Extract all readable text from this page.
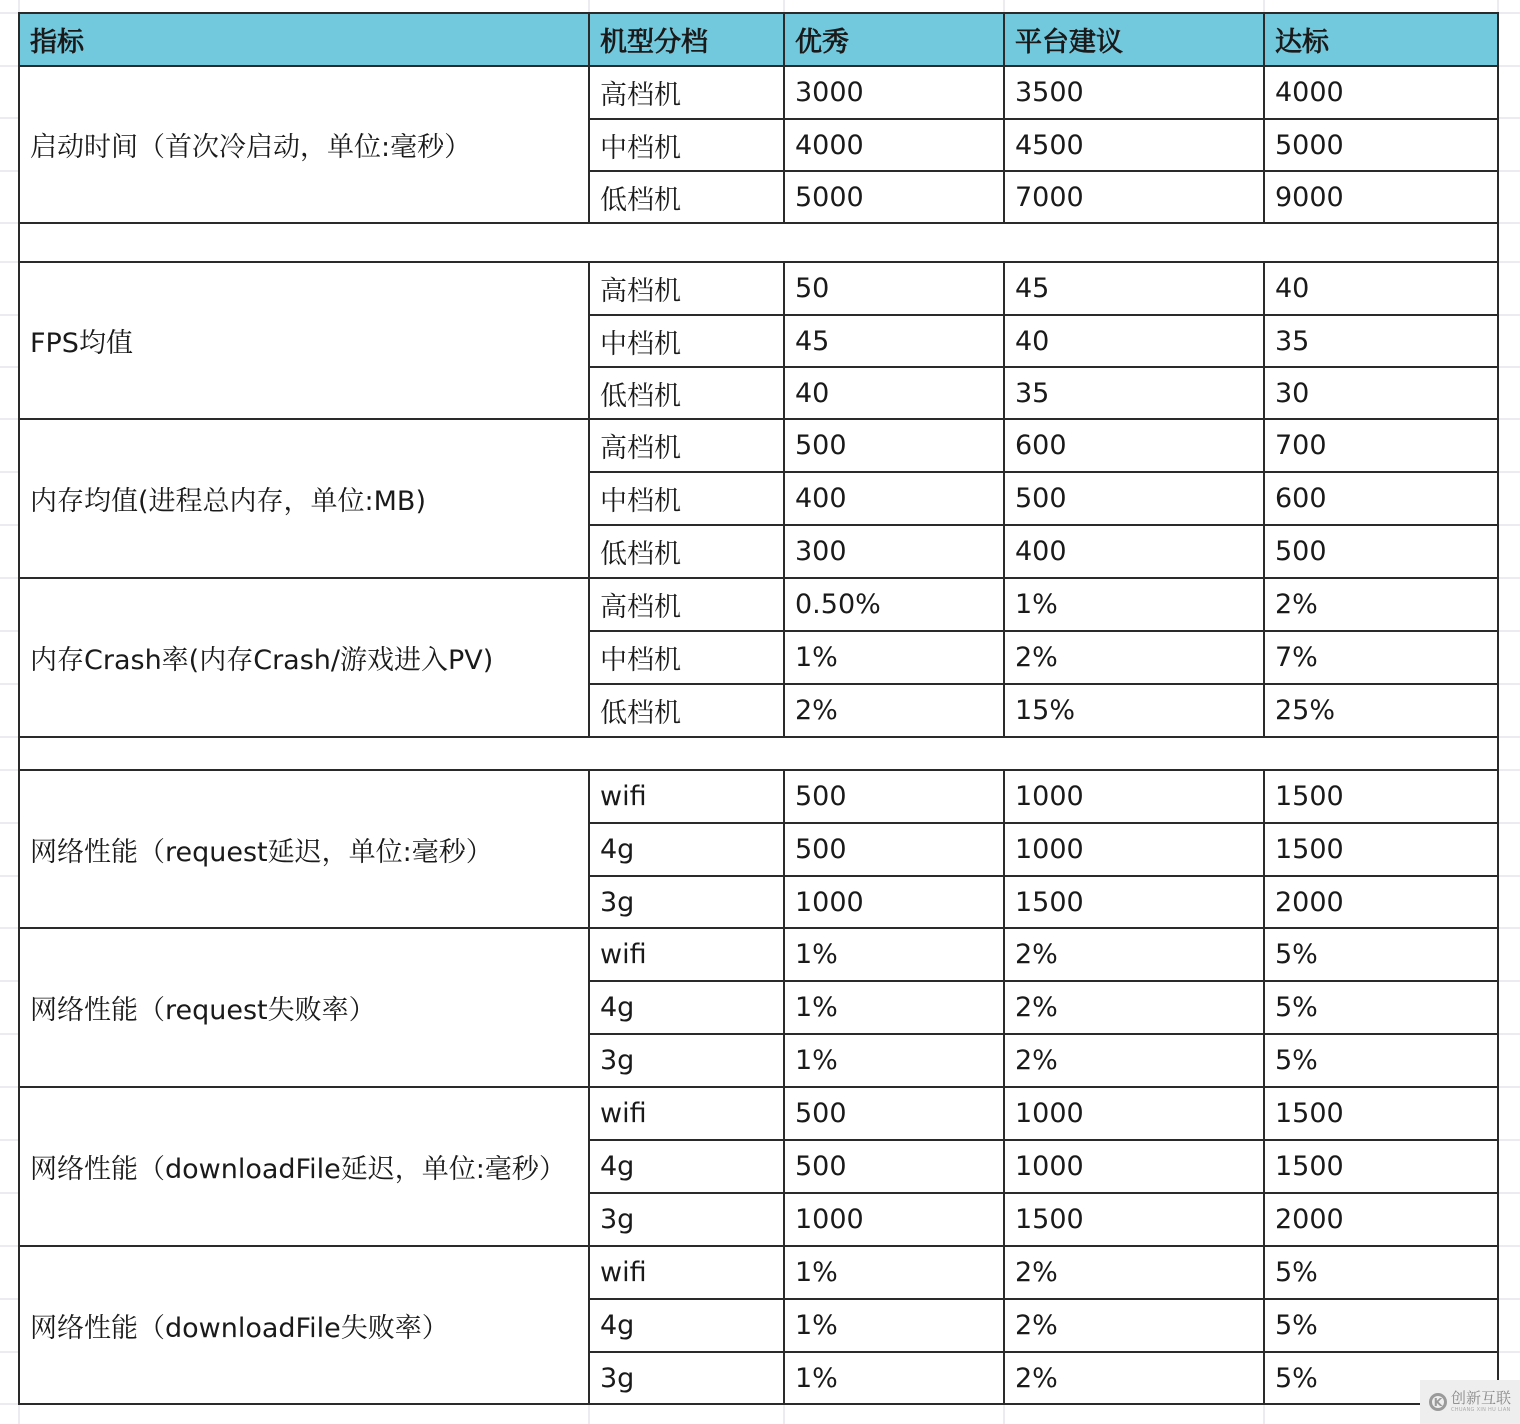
指标	机型分档	优秀	平台建议	达标
启动时间（首次冷启动，单位:毫秒）
高档机	3000	3500	4000
中档机	4000	4500	5000
低档机	5000	7000	9000
FPS均值
高档机	50	45	40
中档机	45	40	35
低档机	40	35	30
内存均值(进程总内存，单位:MB)
高档机	500	600	700
中档机	400	500	600
低档机	300	400	500
内存Crash率(内存Crash/游戏进入PV)
高档机	0.50%	1%	2%
中档机	1%	2%	7%
低档机	2%	15%	25%
网络性能（request延迟，单位:毫秒）
wifi	500	1000	1500
4g	500	1000	1500
3g	1000	1500	2000
网络性能（request失败率）
wifi	1%	2%	5%
4g	1%	2%	5%
3g	1%	2%	5%
网络性能（downloadFile延迟，单位:毫秒）
wifi	500	1000	1500
4g	500	1000	1500
3g	1000	1500	2000
网络性能（downloadFile失败率）
wifi	1%	2%	5%
4g	1%	2%	5%
3g	1%	2%	5%
K 创新互联
CHUANG XIN HU LIAN
